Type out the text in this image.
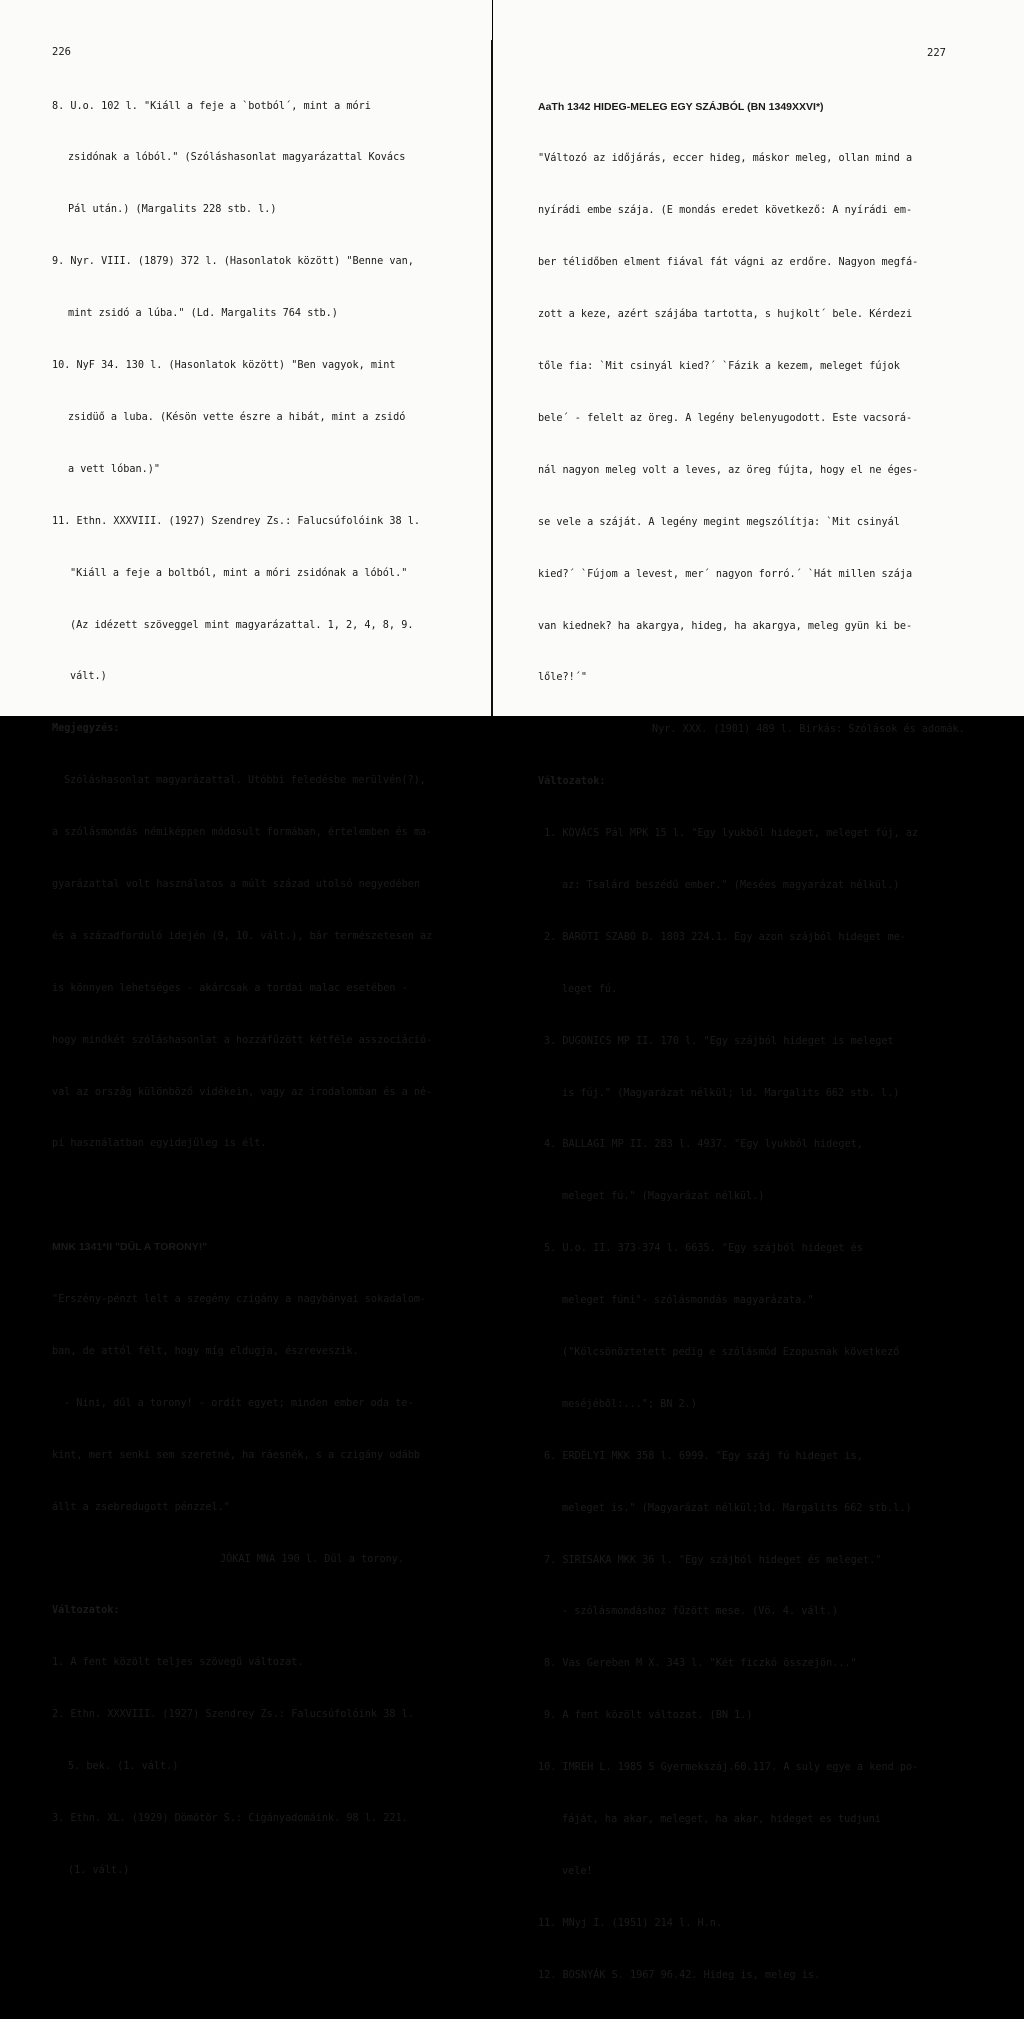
226

8. U.o. 102 l. "Kiáll a feje a `botból´, mint a móri

zsidónak a lóból." (Szóláshasonlat magyarázattal Kovács

Pál után.) (Margalits 228 stb. l.)

9. Nyr. VIII. (1879) 372 l. (Hasonlatok között) "Benne van,

mint zsidó a lúba." (Ld. Margalits 764 stb.)

10. NyF 34. 130 l. (Hasonlatok között) "Ben vagyok, mint

zsidüő a luba. (Késön vette észre a hibát, mint a zsidó

a vett lóban.)"

11. Ethn. XXXVIII. (1927) Szendrey Zs.: Falucsúfolóink 38 l.

"Kiáll a feje a boltból, mint a móri zsidónak a lóból."

(Az idézett szöveggel mint magyarázattal. 1, 2, 4, 8, 9.

vált.)

Megjegyzés:

Szóláshasonlat magyarázattal. Utóbbi feledésbe merülvén(?),

a szólásmondás némiképpen módosult formában, értelemben és ma-

gyarázattal volt használatos a múlt század utolsó negyedében

és a századforduló idején (9, 10. vált.), bár természetesen az

is könnyen lehetséges - akárcsak a tordai malac esetében -

hogy mindkét szóláshasonlat a hozzáfűzött kétféle asszociáció-

val az ország különböző vidékein, vagy az irodalomban és a né-

pi használatban egyidejűleg is élt.

MNK 1341*II "DŰL A TORONY!"

"Erszény-pénzt lelt a szegény czigány a nagybányai sokadalom-

ban, de attól félt, hogy míg eldugja, észreveszik.

- Nini, dűl a torony! - ordít egyet; minden ember oda te-

kint, mert senki sem szeretné, ha ráesnék, s a czigány odább

állt a zsebredugott pénzzel."

JÓKAI MNA 190 l. Dűl a torony.

Változatok:

1. A fent közölt teljes szövegű változat.

2. Ethn. XXXVIII. (1927) Szendrey Zs.: Falucsúfolóink 38 l.

5. bek. (1. vált.)

3. Ethn. XL. (1929) Dömötör S.: Cigányadomáink. 98 l. 221.

(1. vált.)

227

AaTh 1342 HIDEG-MELEG EGY SZÁJBÓL (BN 1349XXVI*)

"Változó az időjárás, eccer hideg, máskor meleg, ollan mind a

nyírádi embe szája. (E mondás eredet következő: A nyírádi em-

ber télidőben elment fiával fát vágni az erdőre. Nagyon megfá-

zott a keze, azért szájába tartotta, s hujkolt´ bele. Kérdezi

tőle fia: `Mit csinyál kied?´ `Fázik a kezem, meleget fújok

bele´ - felelt az öreg. A legény belenyugodott. Este vacsorá-

nál nagyon meleg volt a leves, az öreg fújta, hogy el ne éges-

se vele a száját. A legény megint megszólítja: `Mit csinyál

kied?´ `Fújom a levest, mer´ nagyon forró.´ `Hát millen szája

van kiednek? ha akargya, hideg, ha akargya, meleg gyün ki be-

lőle?!´"

Nyr. XXX. (1901) 489 l. Birkás: Szólások és adomák.

Változatok:

1. KOVÁCS Pál MPK 15 l. "Egy lyukból hideget, meleget fúj, az

az: Tsalárd beszédű ember." (Mesées magyarázat nélkül.)

2. BARÓTI SZABÓ D. 1803 224.1. Egy azon szájból hideget me-

leget fú.

3. DUGONICS MP II. 170 l. "Egy szájból hideget is meleget

is fúj." (Magyarázat nélkül; ld. Margalits 662 stb. l.)

4. BALLAGI MP II. 283 l. 4937. "Egy lyukból hideget,

meleget fú." (Magyarázat nélkül.)

5. U.o. II. 373-374 l. 6635. "Egy szájból hideget és

meleget fúni"- szólásmondás magyarázata."

("Kölcsönöztetett pedig e szólásmód Ezopusnak következő

meséjéből:..."; BN 2.)

6. ERDÉLYI MKK 358 l. 6999. "Egy száj fú hideget is,

meleget is." (Magyarázat nélkül;ld. Margalits 662 stb.l.)

7. SIRISAKA MKK 36 l. "Egy szájból hideget és meleget."

- szólásmondáshoz fűzött mese. (Vö. 4. vált.)

8. Vas Gereben M X. 343 l. "Két ficzkó összejön..."

9. A fent közölt változat. (BN 1.)

10. IMREH L. 1985 S Gyermekszáj.60.117. A suly egye a kend po-

fáját, ha akar, meleget, ha akar, hideget es tudjuni

vele!

11. MNyj I. (1951) 214 l. H.n.

12. BOSNYÁK S. 1967 96.42. Hideg is, meleg is.
